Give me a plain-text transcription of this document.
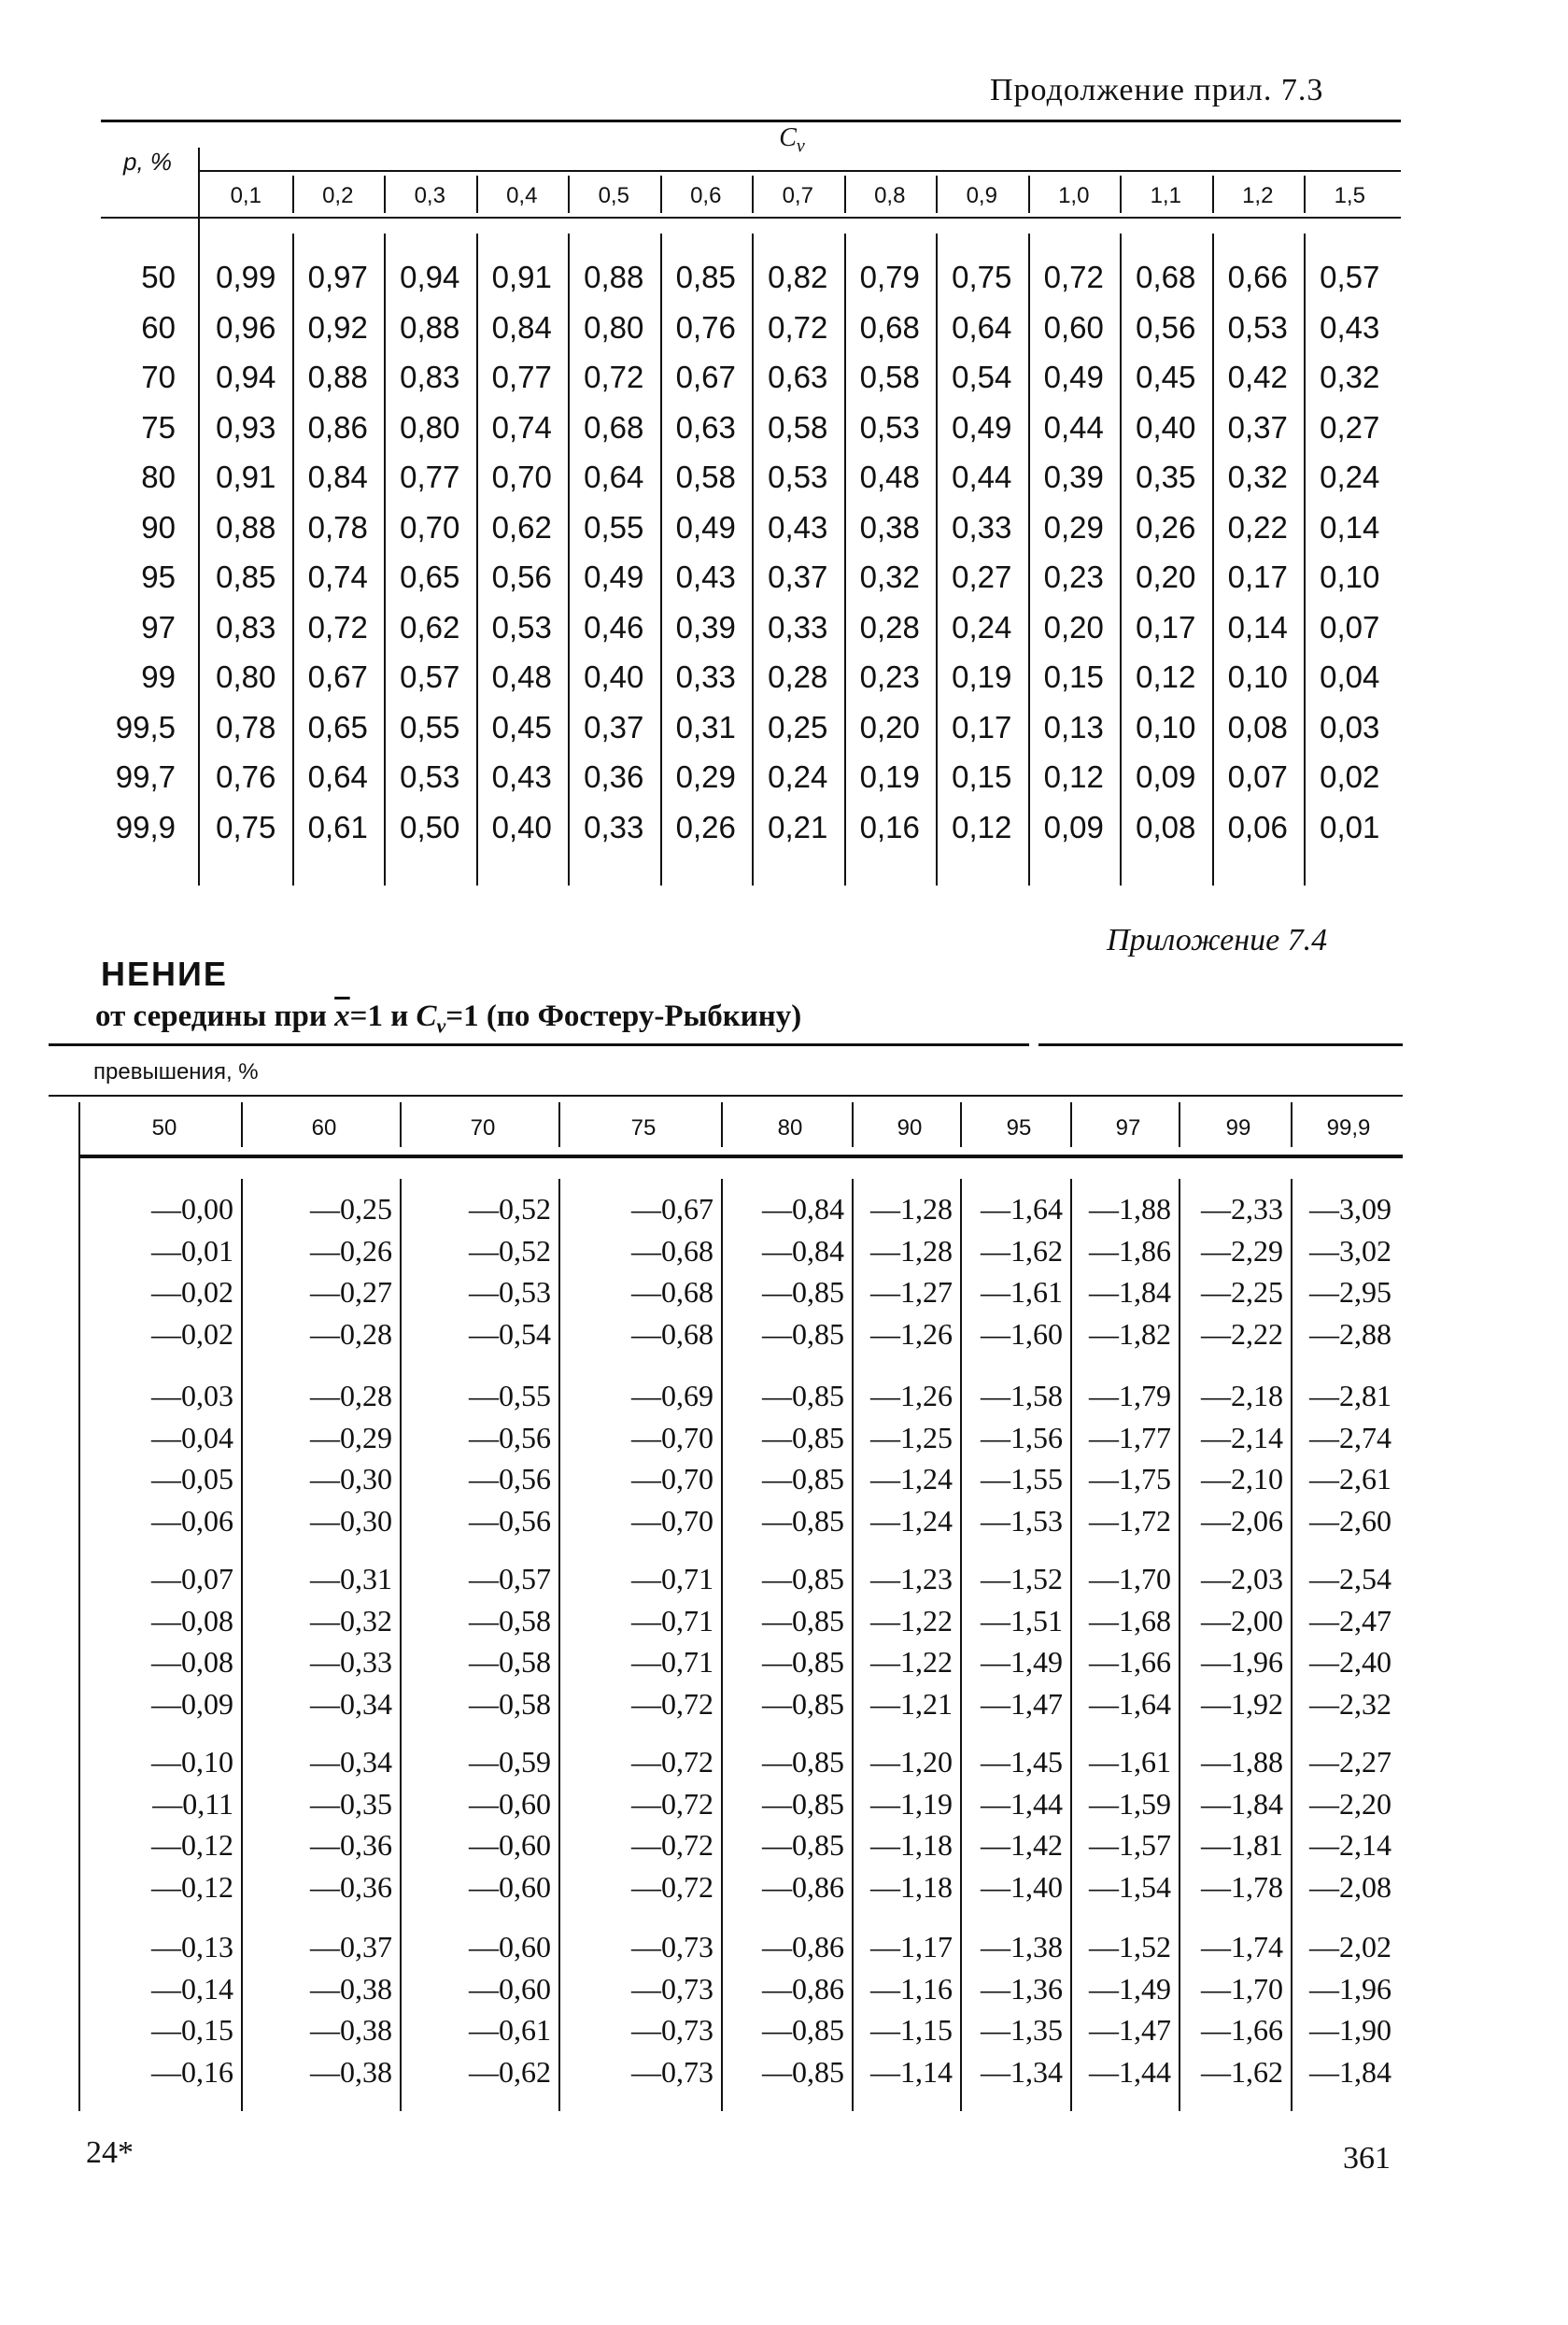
Продолжение прил. 7.3
p, %
$C_v$
0,1	0,2	0,3	0,4	0,5	0,6	0,7	0,8	0,9	1,0	1,1	1,2	1,5
50	0,99	0,97	0,94	0,91	0,88	0,85	0,82	0,79	0,75	0,72	0,68	0,66	0,57
60	0,96	0,92	0,88	0,84	0,80	0,76	0,72	0,68	0,64	0,60	0,56	0,53	0,43
70	0,94	0,88	0,83	0,77	0,72	0,67	0,63	0,58	0,54	0,49	0,45	0,42	0,32
75	0,93	0,86	0,80	0,74	0,68	0,63	0,58	0,53	0,49	0,44	0,40	0,37	0,27
80	0,91	0,84	0,77	0,70	0,64	0,58	0,53	0,48	0,44	0,39	0,35	0,32	0,24
90	0,88	0,78	0,70	0,62	0,55	0,49	0,43	0,38	0,33	0,29	0,26	0,22	0,14
95	0,85	0,74	0,65	0,56	0,49	0,43	0,37	0,32	0,27	0,23	0,20	0,17	0,10
97	0,83	0,72	0,62	0,53	0,46	0,39	0,33	0,28	0,24	0,20	0,17	0,14	0,07
99	0,80	0,67	0,57	0,48	0,40	0,33	0,28	0,23	0,19	0,15	0,12	0,10	0,04
99,5	0,78	0,65	0,55	0,45	0,37	0,31	0,25	0,20	0,17	0,13	0,10	0,08	0,03
99,7	0,76	0,64	0,53	0,43	0,36	0,29	0,24	0,19	0,15	0,12	0,09	0,07	0,02
99,9	0,75	0,61	0,50	0,40	0,33	0,26	0,21	0,16	0,12	0,09	0,08	0,06	0,01
Приложение 7.4
НЕНИЕ
от середины при $\overline{x}=1$ и $C_v=1$ (по Фостеру-Рыбкину)
превышения, %
50	60	70	75	80	90	95	97	99	99,9
—0,00	—0,25	—0,52	—0,67	—0,84 —1,28 —1,64 —1,88	—2,33 —3,09
—0,01	—0,26	—0,52	—0,68	—0,84 —1,28 —1,62 —1,86	—2,29 —3,02
—0,02	—0,27	—0,53	—0,68	—0,85 —1,27 —1,61 —1,84	—2,25 —2,95
—0,02	—0,28	—0,54	—0,68	—0,85 —1,26 —1,60 —1,82	—2,22 —2,88
—0,03	—0,28	—0,55	—0,69	—0,85 —1,26 —1,58 —1,79	—2,18 —2,81
—0,04	—0,29	—0,56	—0,70	—0,85 —1,25 —1,56 —1,77	—2,14 —2,74
—0,05	—0,30	—0,56	—0,70	—0,85 —1,24 —1,55 —1,75	—2,10 —2,61
—0,06	—0,30	—0,56	—0,70	—0,85 —1,24 —1,53 —1,72	—2,06 —2,60
—0,07	—0,31	—0,57	—0,71	—0,85 —1,23 —1,52 —1,70	—2,03 —2,54
—0,08	—0,32	—0,58	—0,71	—0,85 —1,22 —1,51 —1,68	—2,00 —2,47
—0,08	—0,33	—0,58	—0,71	—0,85 —1,22 —1,49 —1,66	—1,96 —2,40
—0,09	—0,34	—0,58	—0,72	—0,85 —1,21 —1,47 —1,64	—1,92 —2,32
—0,10	—0,34	—0,59	—0,72	—0,85 —1,20 —1,45 —1,61	—1,88 —2,27
—0,11	—0,35	—0,60	—0,72	—0,85 —1,19 —1,44 —1,59	—1,84 —2,20
—0,12	—0,36	—0,60	—0,72	—0,85 —1,18 —1,42 —1,57	—1,81 —2,14
—0,12	—0,36	—0,60	—0,72	—0,86 —1,18 —1,40 —1,54	—1,78 —2,08
—0,13	—0,37	—0,60	—0,73	—0,86 —1,17 —1,38 —1,52	—1,74 —2,02
—0,14	—0,38	—0,60	—0,73	—0,86 —1,16 —1,36 —1,49	—1,70 —1,96
—0,15	—0,38	—0,61	—0,73	—0,85 —1,15 —1,35 —1,47	—1,66 —1,90
—0,16	—0,38	—0,62	—0,73	—0,85 —1,14 —1,34 —1,44	—1,62 —1,84
24*	361
